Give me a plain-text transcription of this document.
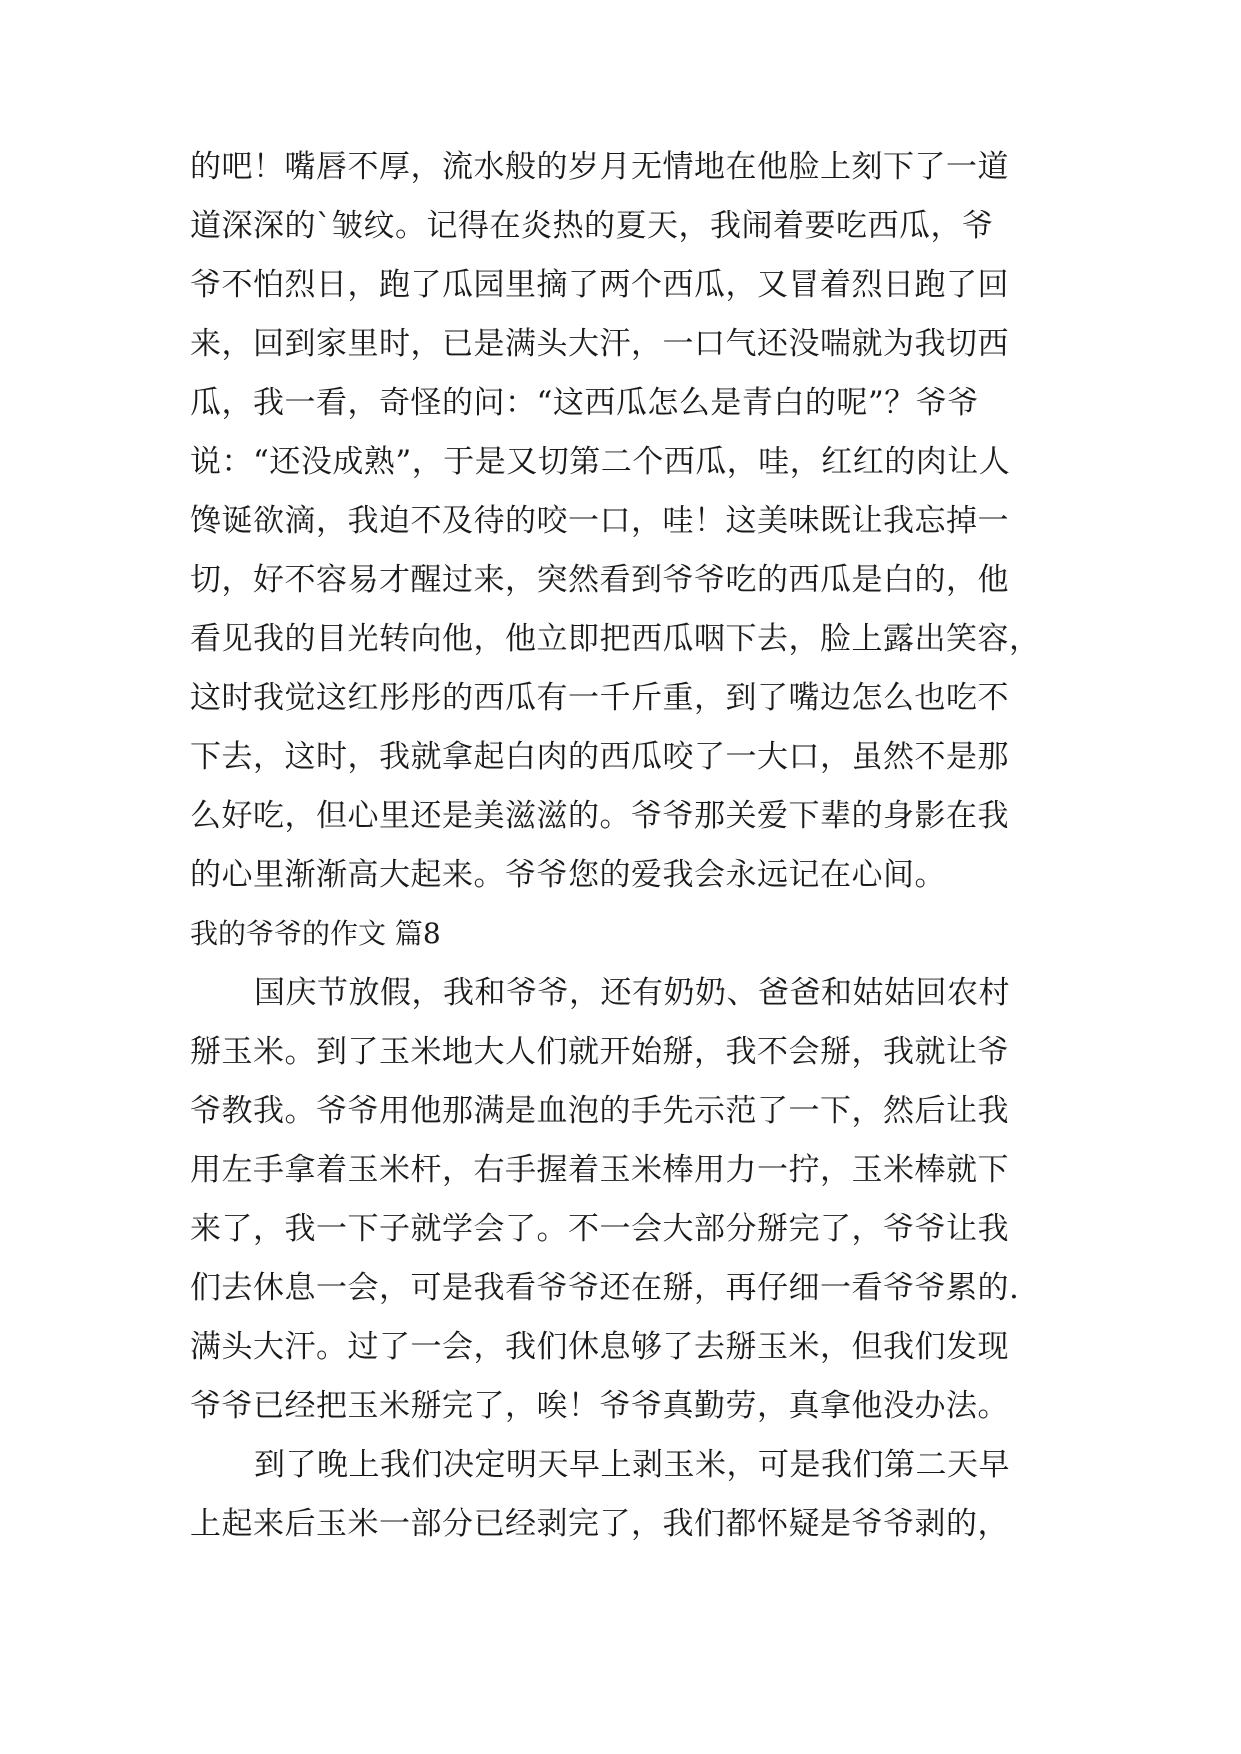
的吧！嘴唇不厚，流水般的岁月无情地在他脸上刻下了一道
道深深的`皱纹。记得在炎热的夏天，我闹着要吃西瓜，爷
爷不怕烈日，跑了瓜园里摘了两个西瓜，又冒着烈日跑了回
来，回到家里时，已是满头大汗，一口气还没喘就为我切西
瓜，我一看，奇怪的问：“这西瓜怎么是青白的呢”？爷爷
说：“还没成熟”，于是又切第二个西瓜，哇，红红的肉让人
馋诞欲滴，我迫不及待的咬一口，哇！这美味既让我忘掉一
切，好不容易才醒过来，突然看到爷爷吃的西瓜是白的，他
看见我的目光转向他，他立即把西瓜咽下去，脸上露出笑容，
这时我觉这红彤彤的西瓜有一千斤重，到了嘴边怎么也吃不
下去，这时，我就拿起白肉的西瓜咬了一大口，虽然不是那
么好吃，但心里还是美滋滋的。爷爷那关爱下辈的身影在我
的心里渐渐高大起来。爷爷您的爱我会永远记在心间。
我的爷爷的作文 篇8
国庆节放假，我和爷爷，还有奶奶、爸爸和姑姑回农村
掰玉米。到了玉米地大人们就开始掰，我不会掰，我就让爷
爷教我。爷爷用他那满是血泡的手先示范了一下，然后让我
用左手拿着玉米杆，右手握着玉米棒用力一拧，玉米棒就下
来了，我一下子就学会了。不一会大部分掰完了，爷爷让我
们去休息一会，可是我看爷爷还在掰，再仔细一看爷爷累的.
满头大汗。过了一会，我们休息够了去掰玉米，但我们发现
爷爷已经把玉米掰完了，唉！爷爷真勤劳，真拿他没办法。
到了晚上我们决定明天早上剥玉米，可是我们第二天早
上起来后玉米一部分已经剥完了，我们都怀疑是爷爷剥的，
